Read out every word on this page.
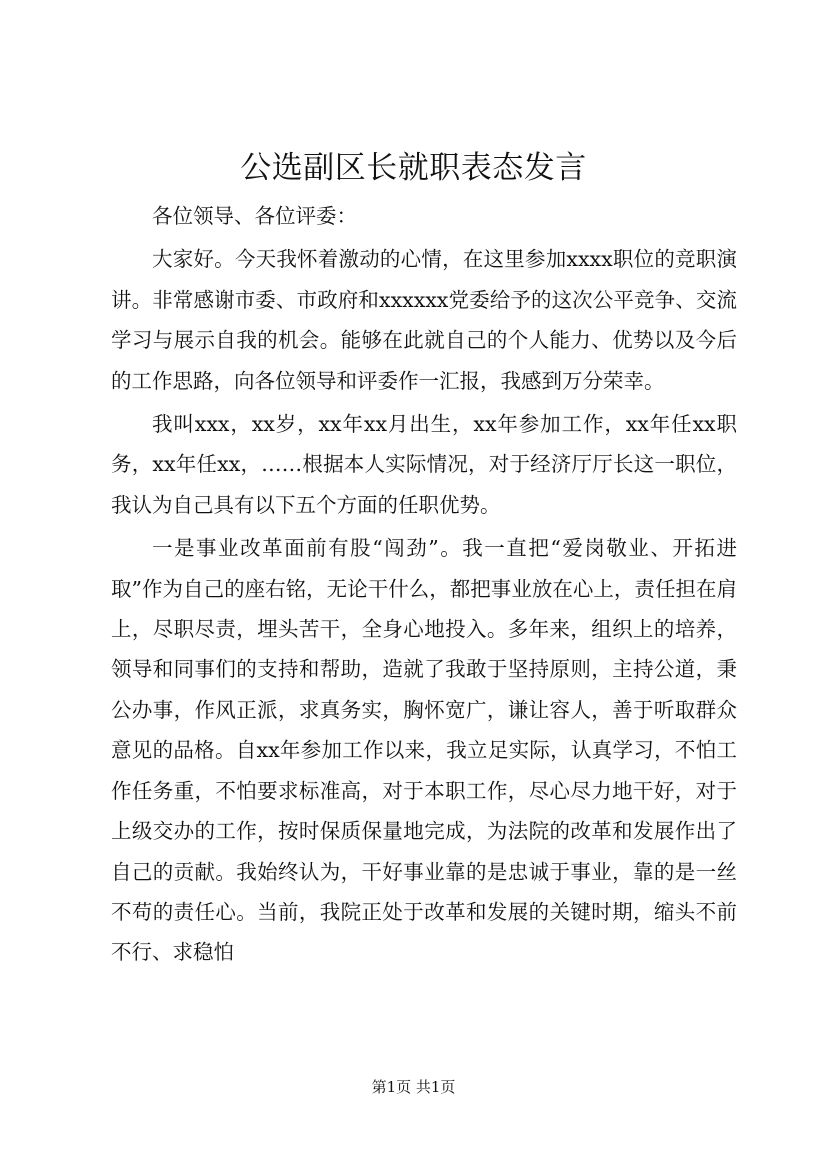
公选副区长就职表态发言

各位领导、各位评委：

大家好。今天我怀着激动的心情，在这里参加xxxx职位的竞职演讲。非常感谢市委、市政府和xxxxxx党委给予的这次公平竞争、交流学习与展示自我的机会。能够在此就自己的个人能力、优势以及今后的工作思路，向各位领导和评委作一汇报，我感到万分荣幸。

我叫xxx，xx岁，xx年xx月出生，xx年参加工作，xx年任xx职务，xx年任xx，……根据本人实际情况，对于经济厅厅长这一职位，我认为自己具有以下五个方面的任职优势。

一是事业改革面前有股“闯劲”。我一直把“爱岗敬业、开拓进取”作为自己的座右铭，无论干什么，都把事业放在心上，责任担在肩上，尽职尽责，埋头苦干，全身心地投入。多年来，组织上的培养，领导和同事们的支持和帮助，造就了我敢于坚持原则，主持公道，秉公办事，作风正派，求真务实，胸怀宽广，谦让容人，善于听取群众意见的品格。自xx年参加工作以来，我立足实际，认真学习，不怕工作任务重，不怕要求标准高，对于本职工作，尽心尽力地干好，对于上级交办的工作，按时保质保量地完成，为法院的改革和发展作出了自己的贡献。我始终认为，干好事业靠的是忠诚于事业，靠的是一丝不苟的责任心。当前，我院正处于改革和发展的关键时期，缩头不前不行、求稳怕

第1页 共1页
